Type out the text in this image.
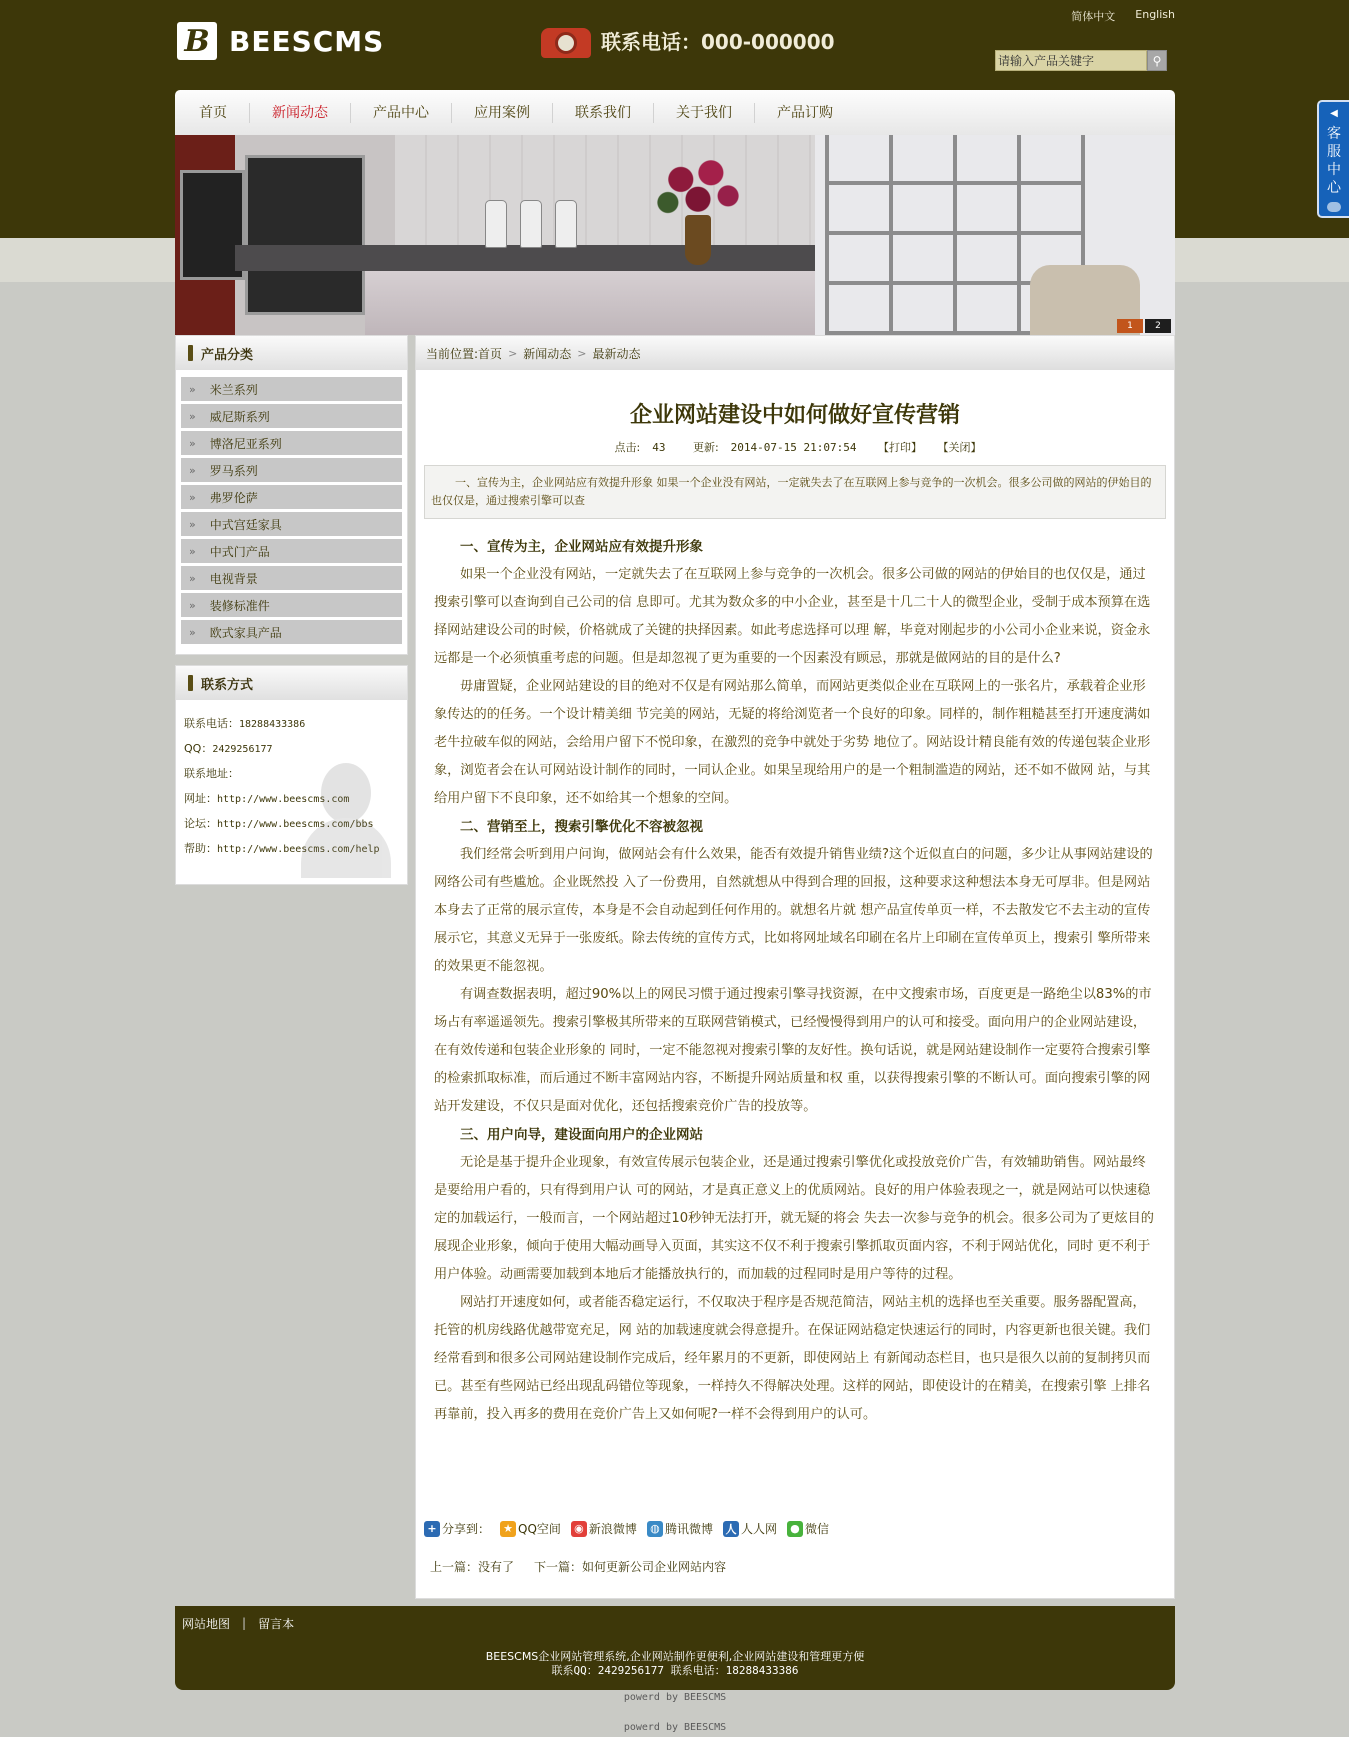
B BEESCMS	联系电话：000-000000
简体中文 English
请输入产品关键字
⚲
首页	新闻动态	产品中心	应用案例	联系我们	关于我们	产品订购
1	2
产品分类
» 米兰系列
» 威尼斯系列
» 博洛尼亚系列
» 罗马系列
» 弗罗伦萨
» 中式宫廷家具
» 中式门产品
» 电视背景
» 装修标准件
» 欧式家具产品
联系方式
联系电话：18288433386
QQ：2429256177
联系地址：
网址：http://www.beescms.com
论坛：http://www.beescms.com/bbs
帮助：http://www.beescms.com/help
当前位置: 首页 > 新闻动态 > 最新动态
企业网站建设中如何做好宣传营销
点击: 43	更新: 2014-07-15 21:07:54 【打印】 【关闭】
一、宣传为主，企业网站应有效提升形象 如果一个企业没有网站，一定就失去了在互联网上参与竞争的一次机会。很多公司做的网站的伊始目的也仅仅是，通过搜索引擎可以查
一、宣传为主，企业网站应有效提升形象

如果一个企业没有网站，一定就失去了在互联网上参与竞争的一次机会。很多公司做的网站的伊始目的也仅仅是，通过搜索引擎可以查询到自己公司的信 息即可。尤其为数众多的中小企业，甚至是十几二十人的微型企业，受制于成本预算在选择网站建设公司的时候，价格就成了关键的抉择因素。如此考虑选择可以理 解，毕竟对刚起步的小公司小企业来说，资金永远都是一个必须慎重考虑的问题。但是却忽视了更为重要的一个因素没有顾忌，那就是做网站的目的是什么?

毋庸置疑，企业网站建设的目的绝对不仅是有网站那么简单，而网站更类似企业在互联网上的一张名片，承载着企业形象传达的的任务。一个设计精美细 节完美的网站，无疑的将给浏览者一个良好的印象。同样的，制作粗糙甚至打开速度满如老牛拉破车似的网站，会给用户留下不悦印象，在激烈的竞争中就处于劣势 地位了。网站设计精良能有效的传递包装企业形象，浏览者会在认可网站设计制作的同时，一同认企业。如果呈现给用户的是一个粗制滥造的网站，还不如不做网 站，与其给用户留下不良印象，还不如给其一个想象的空间。

二、营销至上，搜索引擎优化不容被忽视

我们经常会听到用户问询，做网站会有什么效果，能否有效提升销售业绩?这个近似直白的问题，多少让从事网站建设的网络公司有些尴尬。企业既然投 入了一份费用，自然就想从中得到合理的回报，这种要求这种想法本身无可厚非。但是网站本身去了正常的展示宣传，本身是不会自动起到任何作用的。就想名片就 想产品宣传单页一样，不去散发它不去主动的宣传展示它，其意义无异于一张废纸。除去传统的宣传方式，比如将网址域名印刷在名片上印刷在宣传单页上，搜索引 擎所带来的效果更不能忽视。

有调查数据表明，超过90%以上的网民习惯于通过搜索引擎寻找资源，在中文搜索市场，百度更是一路绝尘以83%的市场占有率遥遥领先。搜索引擎极其所带来的互联网营销模式，已经慢慢得到用户的认可和接受。面向用户的企业网站建设，在有效传递和包装企业形象的 同时，一定不能忽视对搜索引擎的友好性。换句话说，就是网站建设制作一定要符合搜索引擎的检索抓取标准，而后通过不断丰富网站内容，不断提升网站质量和权 重，以获得搜索引擎的不断认可。面向搜索引擎的网站开发建设，不仅只是面对优化，还包括搜索竞价广告的投放等。

三、用户向导，建设面向用户的企业网站

无论是基于提升企业现象，有效宣传展示包装企业，还是通过搜索引擎优化或投放竞价广告，有效辅助销售。网站最终是要给用户看的，只有得到用户认 可的网站，才是真正意义上的优质网站。良好的用户体验表现之一，就是网站可以快速稳定的加载运行，一般而言，一个网站超过10秒钟无法打开，就无疑的将会 失去一次参与竞争的机会。很多公司为了更炫目的展现企业形象，倾向于使用大幅动画导入页面，其实这不仅不利于搜索引擎抓取页面内容，不利于网站优化，同时 更不利于用户体验。动画需要加载到本地后才能播放执行的，而加载的过程同时是用户等待的过程。

网站打开速度如何，或者能否稳定运行，不仅取决于程序是否规范简洁，网站主机的选择也至关重要。服务器配置高，托管的机房线路优越带宽充足，网 站的加载速度就会得意提升。在保证网站稳定快速运行的同时，内容更新也很关键。我们经常看到和很多公司网站建设制作完成后，经年累月的不更新，即使网站上 有新闻动态栏目，也只是很久以前的复制拷贝而已。甚至有些网站已经出现乱码错位等现象，一样持久不得解决处理。这样的网站，即使设计的在精美，在搜索引擎 上排名再靠前，投入再多的费用在竞价广告上又如何呢?一样不会得到用户的认可。

+ 分享到： ★ QQ空间 ◉ 新浪微博 ◍ 腾讯微博 人 人人网 ● 微信
上一篇：没有了 下一篇：如何更新公司企业网站内容
网站地图 | 留言本
BEESCMS企业网站管理系统,企业网站制作更便利,企业网站建设和管理更方便
联系QQ：2429256177 联系电话：18288433386
powerd by BEESCMS
powerd by BEESCMS
◀
客服中心
